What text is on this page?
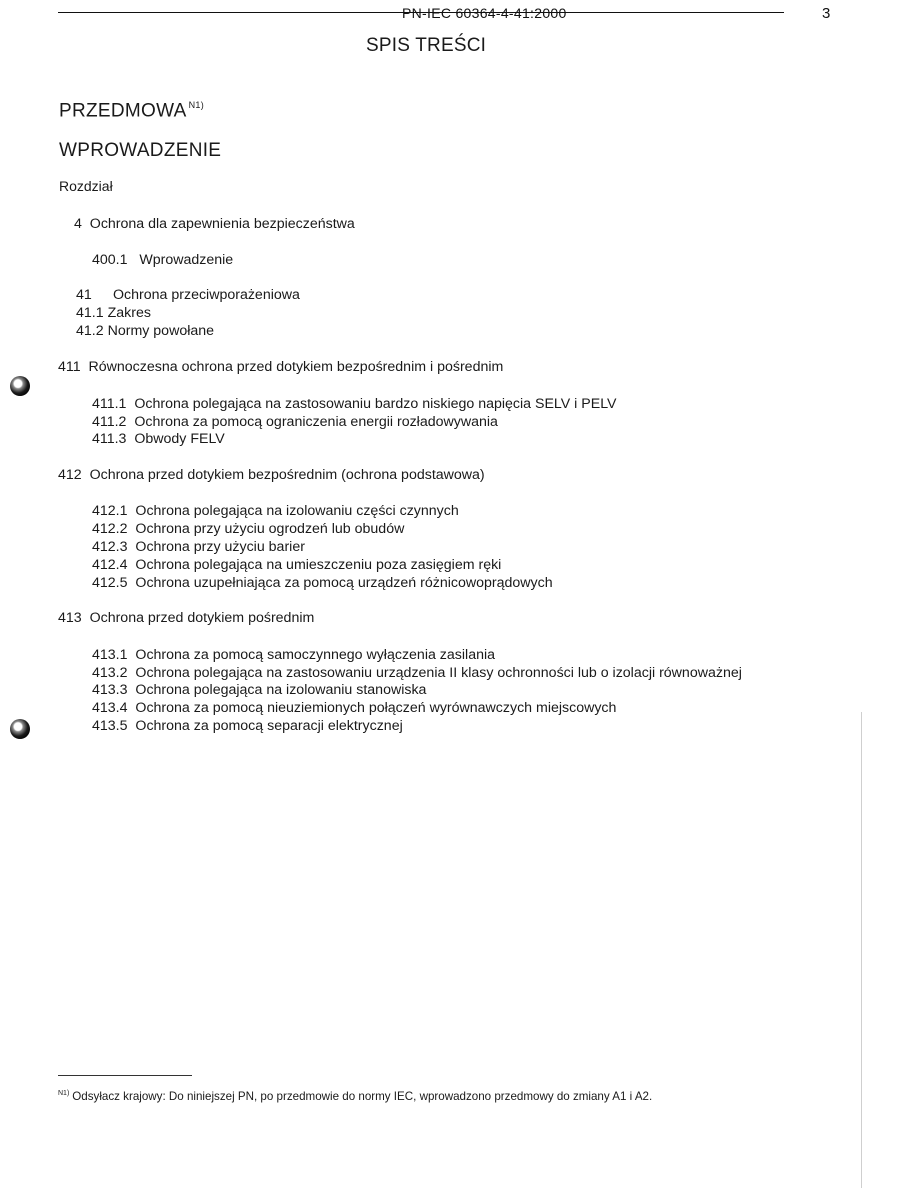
PN-IEC 60364-4-41:2000	3
SPIS TREŚCI
PRZEDMOWA $^{N1)}$
WPROWADZENIE
Rozdział
4 Ochrona dla zapewnienia bezpieczeństwa
400.1 Wprowadzenie
41 Ochrona przeciwporażeniowa
41.1 Zakres
41.2 Normy powołane
411 Równoczesna ochrona przed dotykiem bezpośrednim i pośrednim
411.1 Ochrona polegająca na zastosowaniu bardzo niskiego napięcia SELV i PELV
411.2 Ochrona za pomocą ograniczenia energii rozładowywania
411.3 Obwody FELV
412 Ochrona przed dotykiem bezpośrednim (ochrona podstawowa)
412.1 Ochrona polegająca na izolowaniu części czynnych
412.2 Ochrona przy użyciu ogrodzeń lub obudów
412.3 Ochrona przy użyciu barier
412.4 Ochrona polegająca na umieszczeniu poza zasięgiem ręki
412.5 Ochrona uzupełniająca za pomocą urządzeń różnicowoprądowych
413 Ochrona przed dotykiem pośrednim
413.1 Ochrona za pomocą samoczynnego wyłączenia zasilania
413.2 Ochrona polegająca na zastosowaniu urządzenia II klasy ochronności lub o izolacji równoważnej
413.3 Ochrona polegająca na izolowaniu stanowiska
413.4 Ochrona za pomocą nieuziemionych połączeń wyrównawczych miejscowych
413.5 Ochrona za pomocą separacji elektrycznej
$^{N1)}$ Odsyłacz krajowy: Do niniejszej PN, po przedmowie do normy IEC, wprowadzono przedmowy do zmiany A1 i A2.
